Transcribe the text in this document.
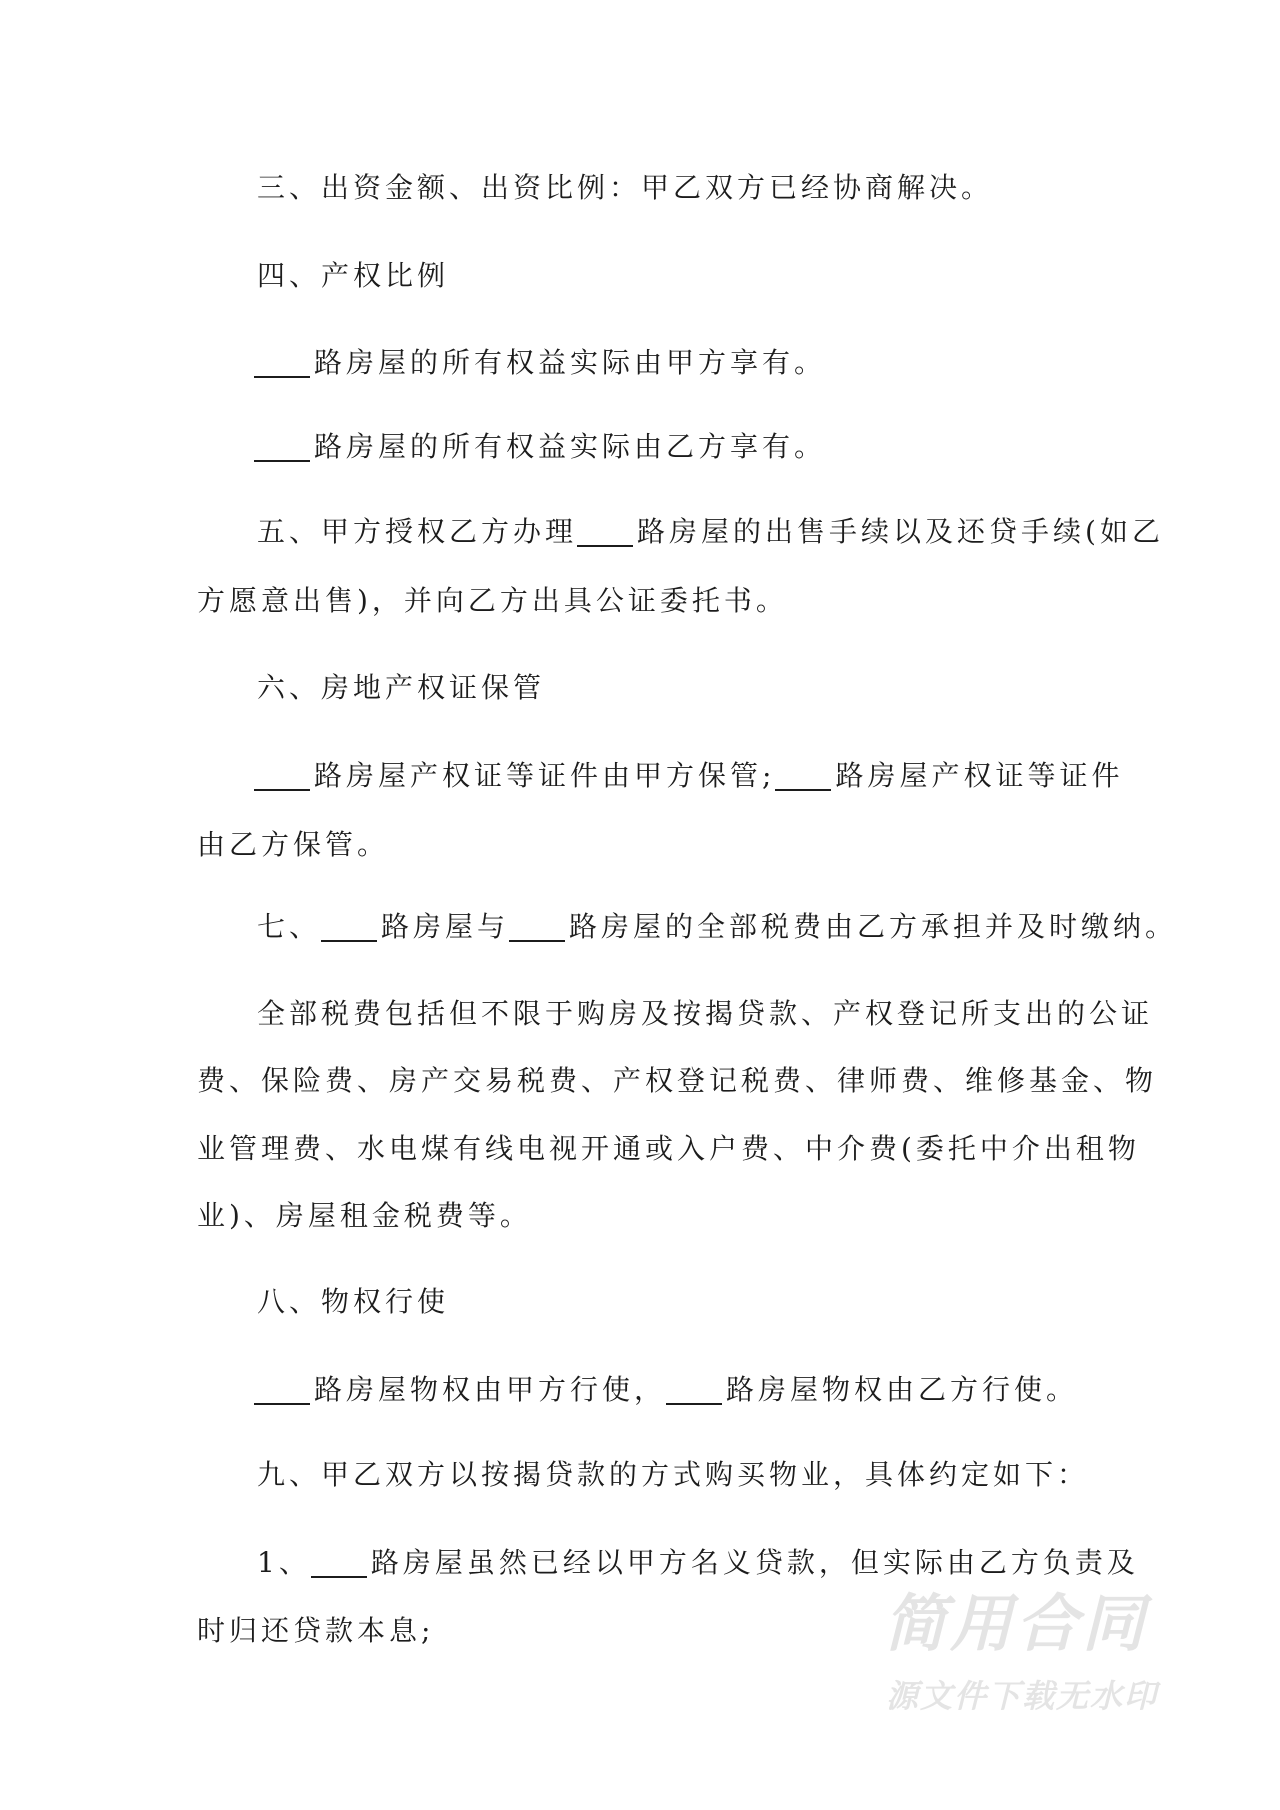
三、出资金额、出资比例：甲乙双方已经协商解决。
四、产权比例
路房屋的所有权益实际由甲方享有。
路房屋的所有权益实际由乙方享有。
五、甲方授权乙方办理 路房屋的出售手续以及还贷手续(如乙
方愿意出售)，并向乙方出具公证委托书。
六、房地产权证保管
路房屋产权证等证件由甲方保管; 路房屋产权证等证件
由乙方保管。
七、 路房屋与 路房屋的全部税费由乙方承担并及时缴纳。
全部税费包括但不限于购房及按揭贷款、产权登记所支出的公证
费、保险费、房产交易税费、产权登记税费、律师费、维修基金、物
业管理费、水电煤有线电视开通或入户费、中介费(委托中介出租物
业)、房屋租金税费等。
八、物权行使
路房屋物权由甲方行使， 路房屋物权由乙方行使。
九、甲乙双方以按揭贷款的方式购买物业，具体约定如下：
1、 路房屋虽然已经以甲方名义贷款，但实际由乙方负责及
时归还贷款本息;	简用合同
源文件下载无水印
